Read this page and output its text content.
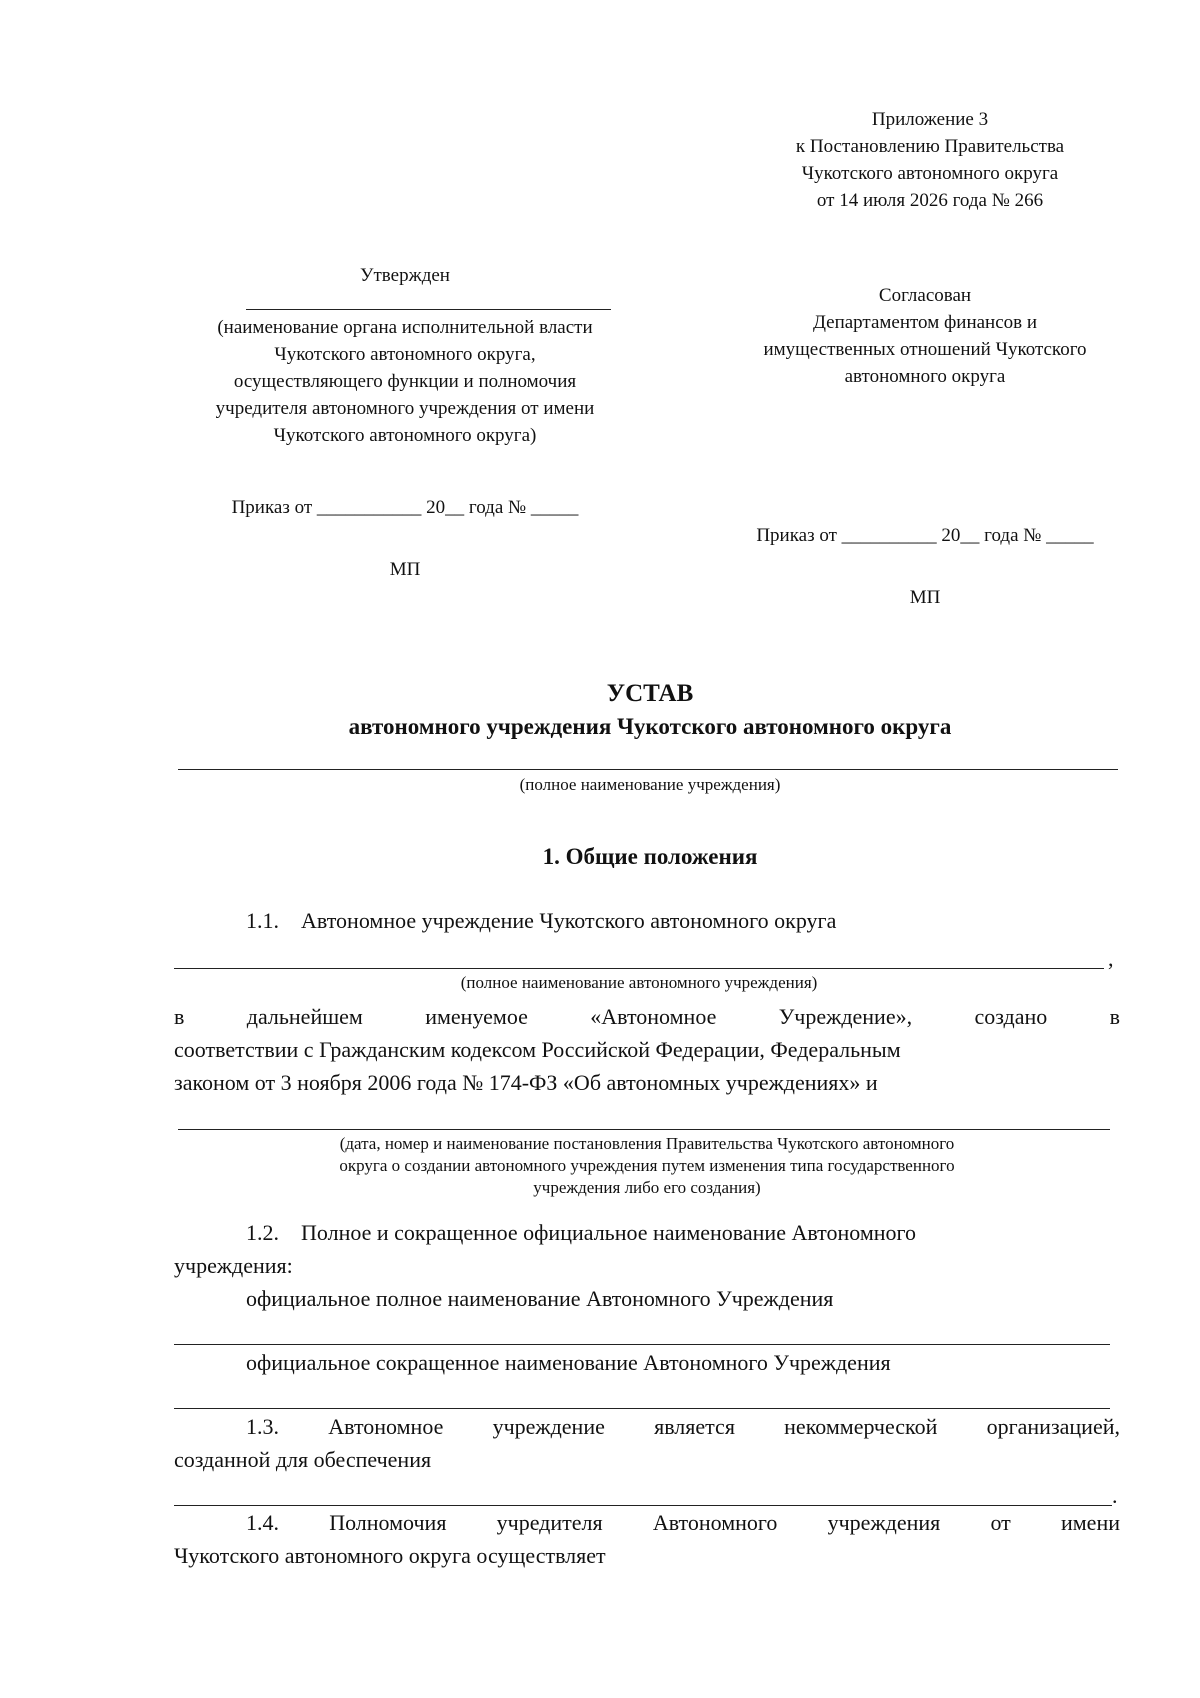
Приложение 3
к Постановлению Правительства
Чукотского автономного округа
от 14 июля 2026 года № 266
Утвержден
(наименование органа исполнительной власти
Чукотского автономного округа,
осуществляющего функции и полномочия
учредителя автономного учреждения от имени
Чукотского автономного округа)
Приказ от ___________ 20__ года № _____
МП
Согласован
Департаментом финансов и
имущественных отношений Чукотского
автономного округа
Приказ от __________ 20__ года № _____
МП
УСТАВ
автономного учреждения Чукотского автономного округа
(полное наименование учреждения)
1. Общие положения
1.1.    Автономное учреждение Чукотского автономного округа
,
(полное наименование автономного учреждения)
в дальнейшем именуемое «Автономное Учреждение», создано в
соответствии с Гражданским кодексом Российской Федерации, Федеральным
законом от 3 ноября 2006 года № 174-ФЗ «Об автономных учреждениях» и
(дата, номер и наименование постановления Правительства Чукотского автономного
округа о создании автономного учреждения путем изменения типа государственного
учреждения либо его создания)
1.2.    Полное и сокращенное официальное наименование Автономного
учреждения:
официальное полное наименование Автономного Учреждения
официальное сокращенное наименование Автономного Учреждения
1.3. Автономное учреждение является некоммерческой организацией,
созданной для обеспечения
.
1.4. Полномочия учредителя Автономного учреждения от имени
Чукотского автономного округа осуществляет
